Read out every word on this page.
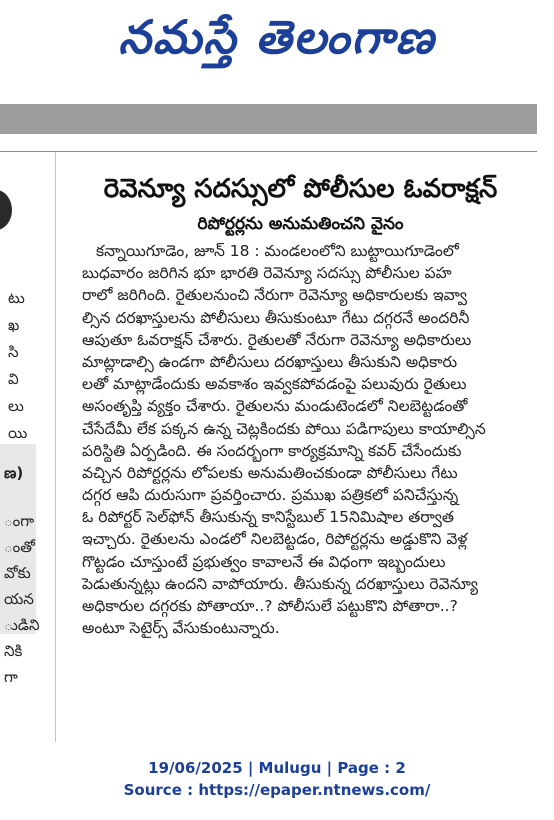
నమస్తే తెలంగాణ
టు
ఖ
సి
వి
లు
యి
ణ)
ంగా
ంతో
వోకు
యన
ుడిని
నికి
గా
రెవెన్యూ సదస్సులో పోలీసుల ఓవరాక్షన్
రిపోర్టర్లను అనుమతించని వైనం
కన్నాయిగూడెం, జూన్ 18 : మండలంలోని బుట్టాయిగూడెంలో
బుధవారం జరిగిన భూ భారతి రెవెన్యూ సదస్సు పోలీసుల పహ
రాలో జరిగింది. రైతులనుంచి నేరుగా రెవెన్యూ అధికారులకు ఇవ్వా
ల్సిన దరఖాస్తులను పోలీసులు తీసుకుంటూ గేటు దగ్గరనే అందరినీ
ఆపుతూ ఓవరాక్షన్ చేశారు. రైతులతో నేరుగా రెవెన్యూ అధికారులు
మాట్లాడాల్సి ఉండగా పోలీసులు దరఖాస్తులు తీసుకుని అధికారు
లతో మాట్లాడేందుకు అవకాశం ఇవ్వకపోవడంపై పలువురు రైతులు
అసంతృప్తి వ్యక్తం చేశారు. రైతులను మండుటెండలో నిలబెట్టడంతో
చేసేదేమీ లేక పక్కన ఉన్న చెట్లకిందకు పోయి పడిగాపులు కాయాల్సిన
పరిస్థితి ఏర్పడింది. ఈ సందర్భంగా కార్యక్రమాన్ని కవర్ చేసేందుకు
వచ్చిన రిపోర్టర్లను లోపలకు అనుమతించకుండా పోలీసులు గేటు
దగ్గర ఆపి దురుసుగా ప్రవర్తించారు. ప్రముఖ పత్రికలో పనిచేస్తున్న
ఓ రిపోర్టర్ సెల్‌ఫోన్ తీసుకున్న కానిస్టేబుల్ 15నిమిషాల తర్వాత
ఇచ్చారు. రైతులను ఎండలో నిలబెట్టడం, రిపోర్టర్లను అడ్డుకొని వెళ్ల
గొట్టడం చూస్తుంటే ప్రభుత్వం కావాలనే ఈ విధంగా ఇబ్బందులు
పెడుతున్నట్లు ఉందని వాపోయారు. తీసుకున్న దరఖాస్తులు రెవెన్యూ
అధికారుల దగ్గరకు పోతాయా..? పోలీసులే పట్టుకొని పోతారా..?
అంటూ సెటైర్స్ వేసుకుంటున్నారు.
19/06/2025 | Mulugu | Page : 2
Source : https://epaper.ntnews.com/
